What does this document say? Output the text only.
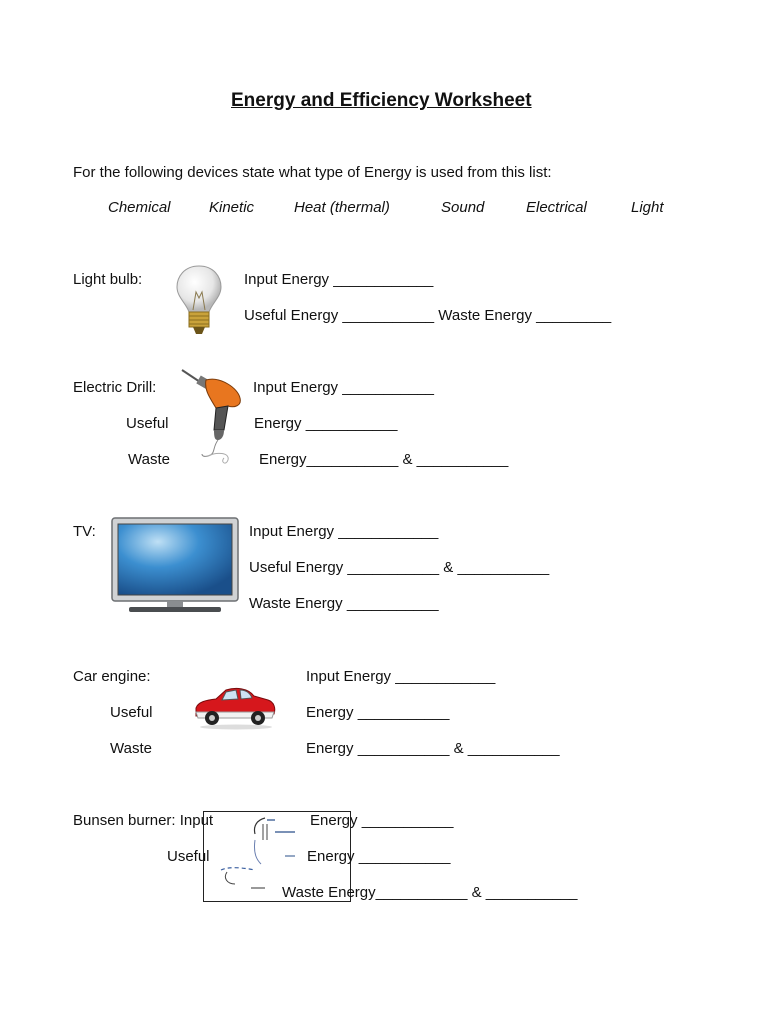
Energy and Efficiency Worksheet
For the following devices state what type of Energy is used from this list:
Chemical	Kinetic	Heat (thermal)	Sound	Electrical	Light
Light bulb:	Input Energy ____________
Useful Energy ___________ Waste Energy _________
Electric Drill:	Input Energy ___________
Useful	Energy ___________
Waste	Energy___________ & ___________
TV:	Input Energy ____________
Useful Energy ___________ & ___________
Waste Energy ___________
Car engine:	Input Energy ____________
Useful	Energy ___________
Waste	Energy ___________ & ___________
Bunsen burner: Input	Energy ___________
Useful	Energy ___________
Waste Energy___________ & ___________
